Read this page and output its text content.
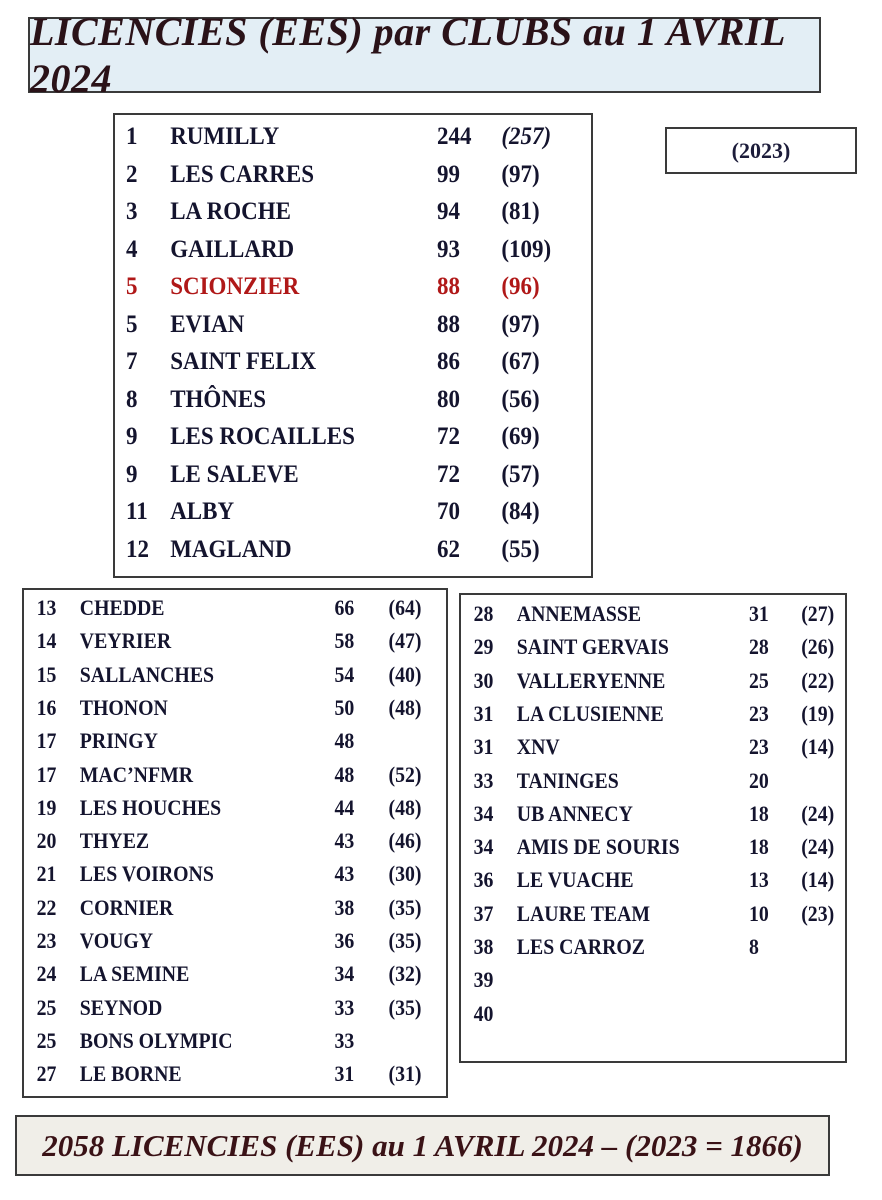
LICENCIES (EES) par CLUBS au 1 AVRIL 2024
(2023)
1 RUMILLY	244 (257)
2 LES CARRES	99 (97)
3 LA ROCHE	94 (81)
4 GAILLARD	93 (109)
5 SCIONZIER	88 (96)
5 EVIAN	88 (97)
7 SAINT FELIX	86 (67)
8 THÔNES	80 (56)
9 LES ROCAILLES	72 (69)
9 LE SALEVE	72 (57)
11 ALBY	70 (84)
12 MAGLAND	62 (55)
13 CHEDDE	66 (64)
14 VEYRIER	58 (47)
15 SALLANCHES	54 (40)
16 THONON	50 (48)
17 PRINGY	48
17 MAC’NFMR	48 (52)
19 LES HOUCHES	44 (48)
20 THYEZ	43 (46)
21 LES VOIRONS	43 (30)
22 CORNIER	38 (35)
23 VOUGY	36 (35)
24 LA SEMINE	34 (32)
25 SEYNOD	33 (35)
25 BONS OLYMPIC	33
27 LE BORNE	31 (31)
28 ANNEMASSE	31 (27)
29 SAINT GERVAIS	28 (26)
30 VALLERYENNE	25 (22)
31 LA CLUSIENNE	23 (19)
31 XNV	23 (14)
33 TANINGES	20
34 UB ANNECY	18 (24)
34 AMIS DE SOURIS	18 (24)
36 LE VUACHE	13 (14)
37 LAURE TEAM	10 (23)
38 LES CARROZ	8
39
40
2058 LICENCIES (EES) au 1 AVRIL 2024 – (2023 = 1866)
